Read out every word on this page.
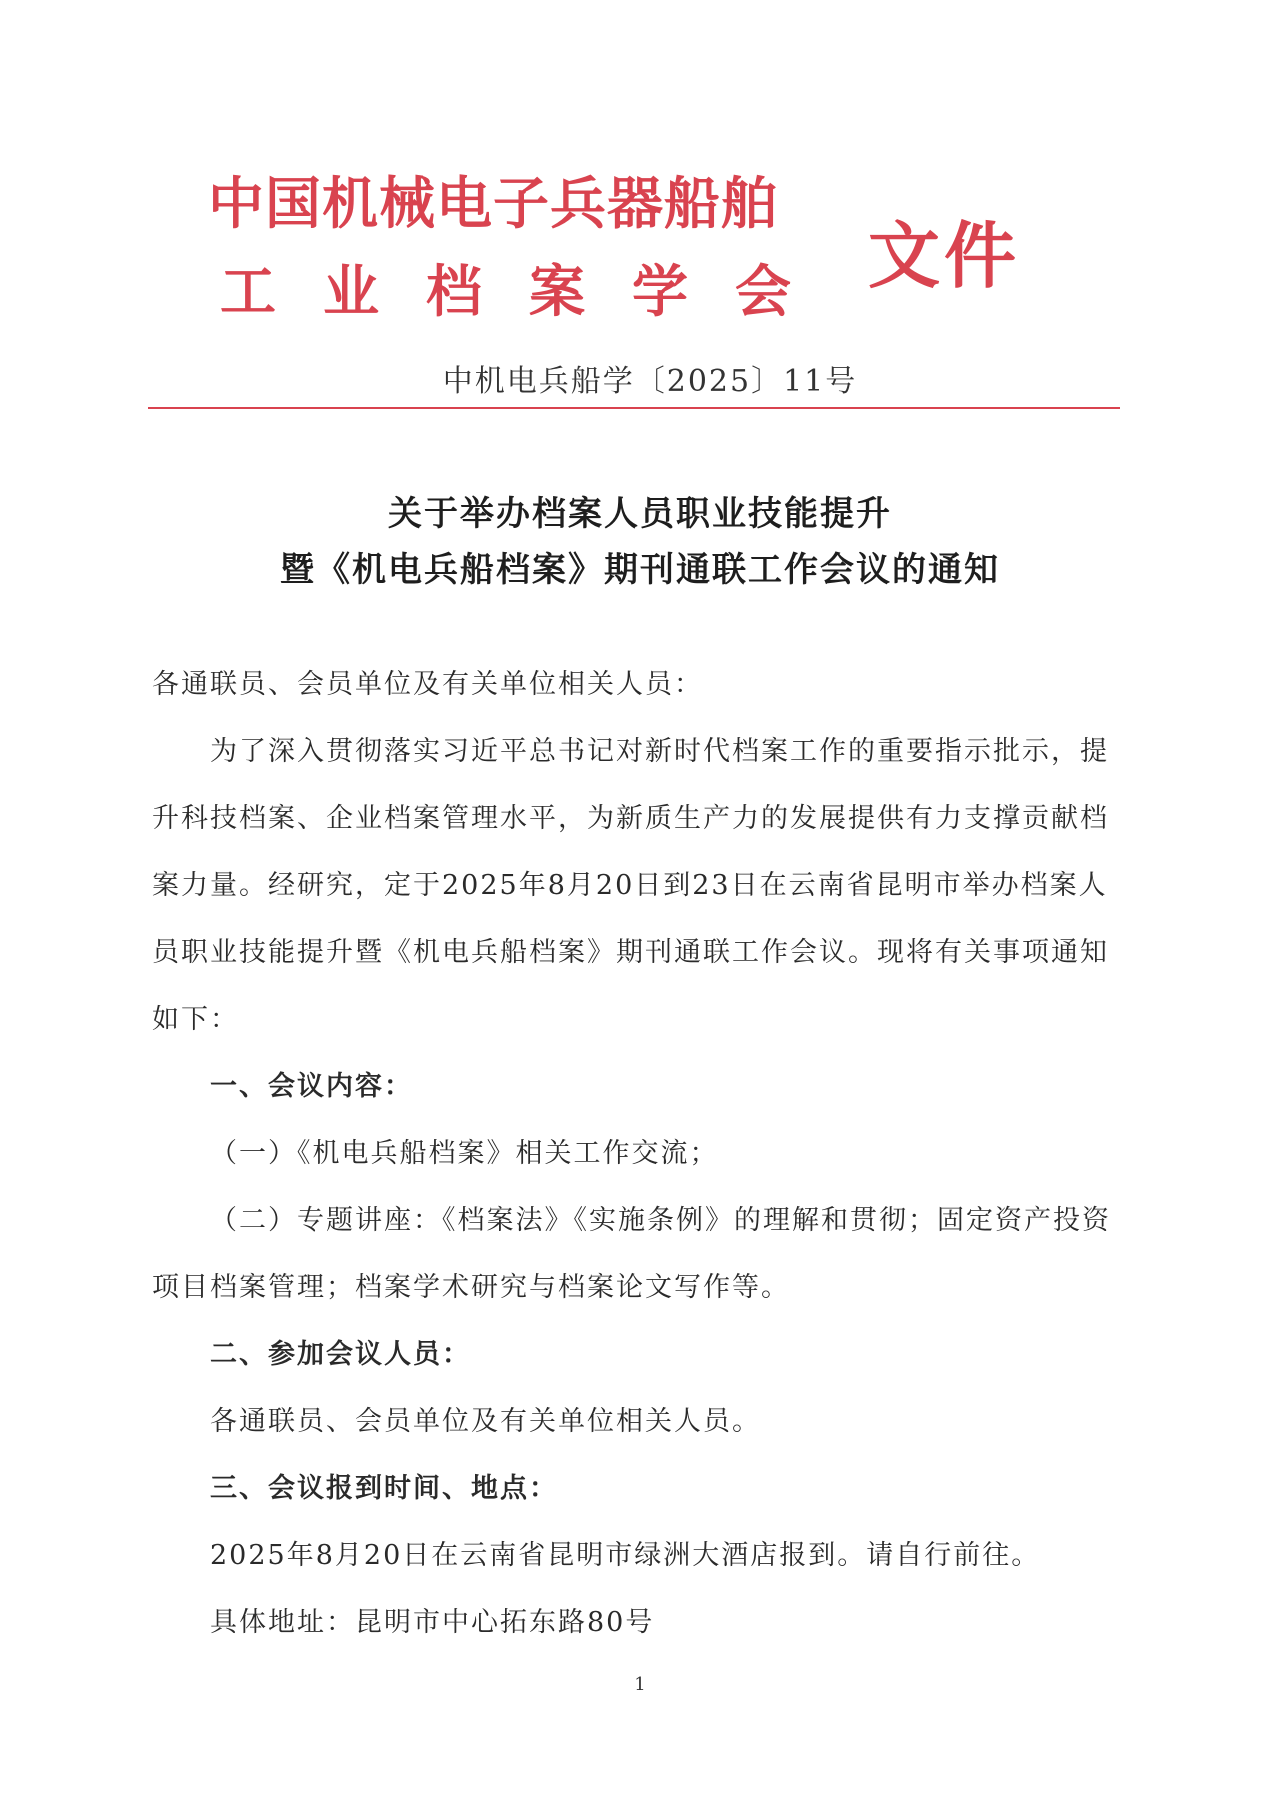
中国机械电子兵器船舶
工业档案学会 文件
中机电兵船学〔2025〕11号
关于举办档案人员职业技能提升
暨《机电兵船档案》期刊通联工作会议的通知

各通联员、会员单位及有关单位相关人员：

为了深入贯彻落实习近平总书记对新时代档案工作的重要指示批示，提升科技档案、企业档案管理水平，为新质生产力的发展提供有力支撑贡献档案力量。经研究，定于2025年8月20日到23日在云南省昆明市举办档案人员职业技能提升暨《机电兵船档案》期刊通联工作会议。现将有关事项通知如下：

一、会议内容：

（一）《机电兵船档案》相关工作交流；

（二）专题讲座：《档案法》《实施条例》的理解和贯彻；固定资产投资项目档案管理；档案学术研究与档案论文写作等。

二、参加会议人员：

各通联员、会员单位及有关单位相关人员。

三、会议报到时间、地点：

2025年8月20日在云南省昆明市绿洲大酒店报到。请自行前往。

具体地址：昆明市中心拓东路80号

1
